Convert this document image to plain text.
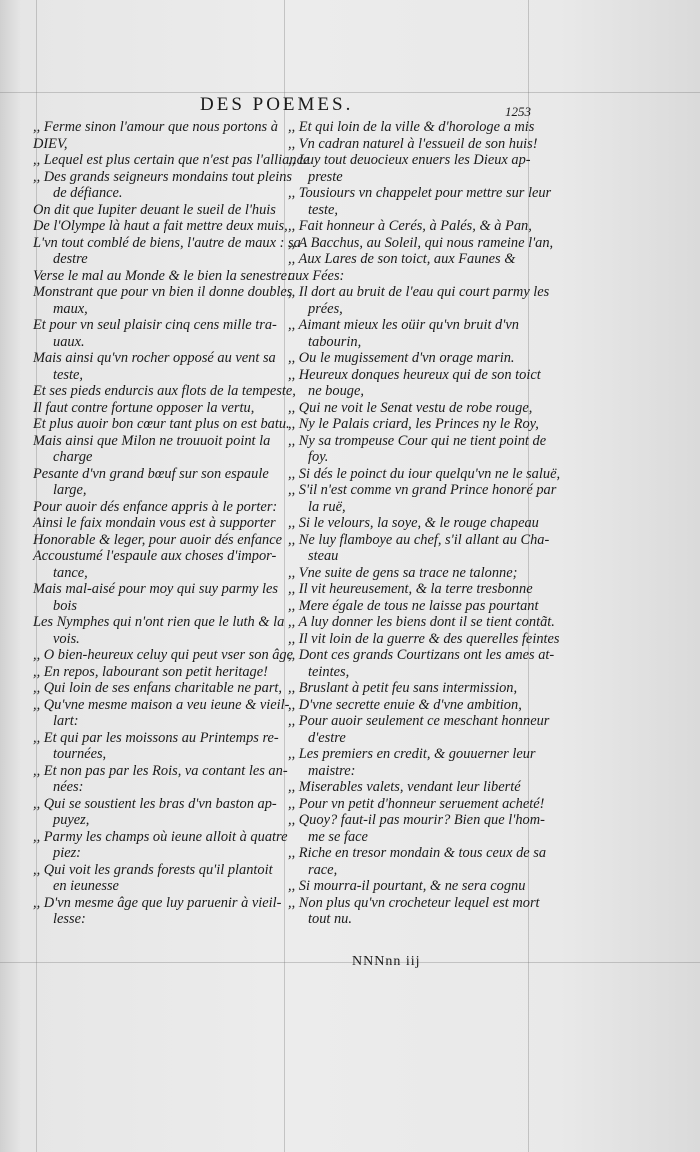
DES POEMES.	1253
,, Ferme sinon l'amour que nous portons à
DIEV,
,, Lequel est plus certain que n'est pas l'alliance
,, Des grands seigneurs mondains tout pleins
de défiance.
On dit que Iupiter deuant le sueil de l'huis
De l'Olympe là haut a fait mettre deux muis,
L'vn tout comblé de biens, l'autre de maux : sa
destre
Verse le mal au Monde & le bien la senestre:
Monstrant que pour vn bien il donne doubles
maux,
Et pour vn seul plaisir cinq cens mille tra-
uaux.
Mais ainsi qu'vn rocher opposé au vent sa
teste,
Et ses pieds endurcis aux flots de la tempeste,
Il faut contre fortune opposer la vertu,
Et plus auoir bon cœur tant plus on est batu.
Mais ainsi que Milon ne trouuoit point la
charge
Pesante d'vn grand bœuf sur son espaule
large,
Pour auoir dés enfance appris à le porter:
Ainsi le faix mondain vous est à supporter
Honorable & leger, pour auoir dés enfance
Accoustumé l'espaule aux choses d'impor-
tance,
Mais mal-aisé pour moy qui suy parmy les
bois
Les Nymphes qui n'ont rien que le luth & la
vois.
,, O bien-heureux celuy qui peut vser son âge
,, En repos, labourant son petit heritage!
,, Qui loin de ses enfans charitable ne part,
,, Qu'vne mesme maison a veu ieune & vieil-
lart:
,, Et qui par les moissons au Printemps re-
tournées,
,, Et non pas par les Rois, va contant les an-
nées:
,, Qui se soustient les bras d'vn baston ap-
puyez,
,, Parmy les champs où ieune alloit à quatre
piez:
,, Qui voit les grands forests qu'il plantoit
en ieunesse
,, D'vn mesme âge que luy paruenir à vieil-
lesse:
,, Et qui loin de la ville & d'horologe a mis
,, Vn cadran naturel à l'essueil de son huis!
,, Luy tout deuocieux enuers les Dieux ap-
preste
,, Tousiours vn chappelet pour mettre sur leur
teste,
,, Fait honneur à Cerés, à Palés, & à Pan,
,, A Bacchus, au Soleil, qui nous rameine l'an,
,, Aux Lares de son toict, aux Faunes &
aux Fées:
,, Il dort au bruit de l'eau qui court parmy les
prées,
,, Aimant mieux les oüir qu'vn bruit d'vn
tabourin,
,, Ou le mugissement d'vn orage marin.
,, Heureux donques heureux qui de son toict
ne bouge,
,, Qui ne voit le Senat vestu de robe rouge,
,, Ny le Palais criard, les Princes ny le Roy,
,, Ny sa trompeuse Cour qui ne tient point de
foy.
,, Si dés le poinct du iour quelqu'vn ne le saluë,
,, S'il n'est comme vn grand Prince honoré par
la ruë,
,, Si le velours, la soye, & le rouge chapeau
,, Ne luy flamboye au chef, s'il allant au Cha-
steau
,, Vne suite de gens sa trace ne talonne;
,, Il vit heureusement, & la terre tresbonne
,, Mere égale de tous ne laisse pas pourtant
,, A luy donner les biens dont il se tient contãt.
,, Il vit loin de la guerre & des querelles feintes
,, Dont ces grands Courtizans ont les ames at-
teintes,
,, Bruslant à petit feu sans intermission,
,, D'vne secrette enuie & d'vne ambition,
,, Pour auoir seulement ce meschant honneur
d'estre
,, Les premiers en credit, & gouuerner leur
maistre:
,, Miserables valets, vendant leur liberté
,, Pour vn petit d'honneur seruement acheté!
,, Quoy? faut-il pas mourir? Bien que l'hom-
me se face
,, Riche en tresor mondain & tous ceux de sa
race,
,, Si mourra-il pourtant, & ne sera cognu
,, Non plus qu'vn crocheteur lequel est mort
tout nu.
NNNnn iij
